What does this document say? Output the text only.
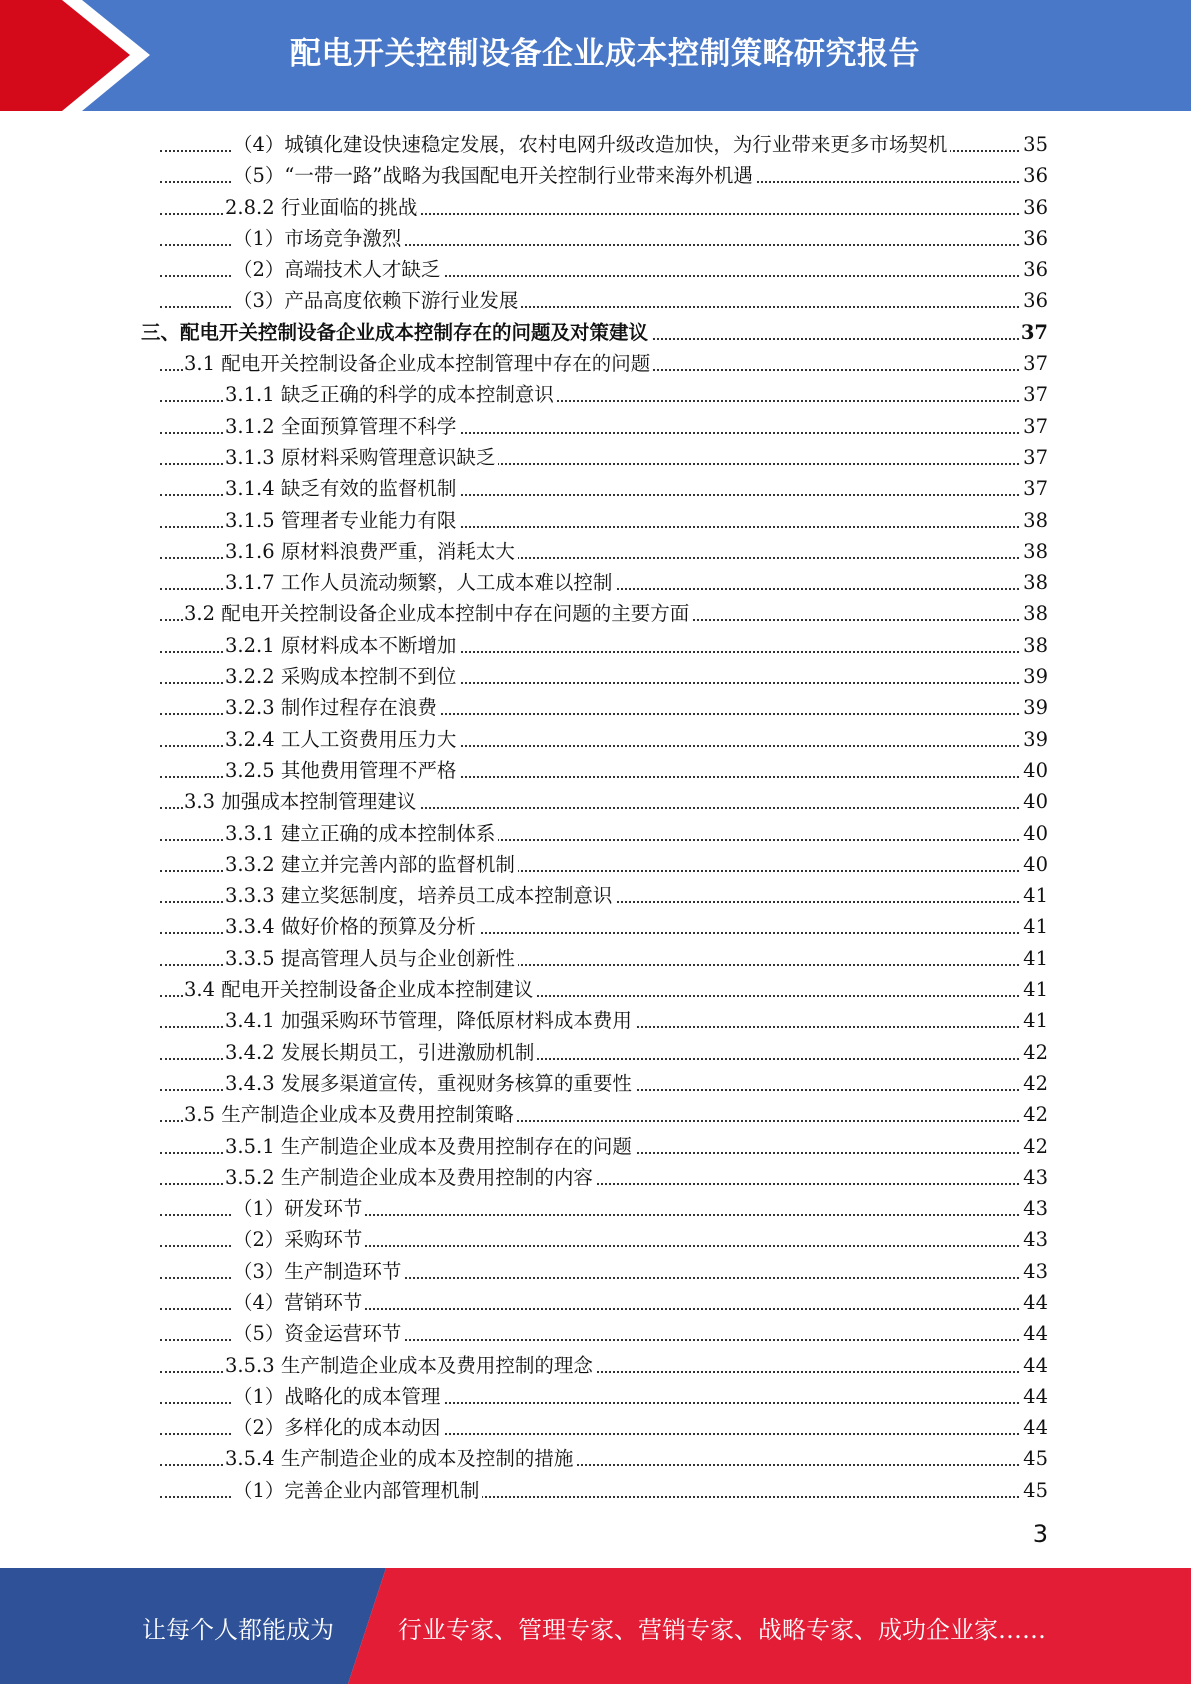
配电开关控制设备企业成本控制策略研究报告
（4）城镇化建设快速稳定发展，农村电网升级改造加快，为行业带来更多市场契机	35
（5）“一带一路”战略为我国配电开关控制行业带来海外机遇	36
2.8.2 行业面临的挑战	36
（1）市场竞争激烈	36
（2）高端技术人才缺乏	36
（3）产品高度依赖下游行业发展	36
三、配电开关控制设备企业成本控制存在的问题及对策建议	37
3.1 配电开关控制设备企业成本控制管理中存在的问题	37
3.1.1 缺乏正确的科学的成本控制意识	37
3.1.2 全面预算管理不科学	37
3.1.3 原材料采购管理意识缺乏	37
3.1.4 缺乏有效的监督机制	37
3.1.5 管理者专业能力有限	38
3.1.6 原材料浪费严重，消耗太大	38
3.1.7 工作人员流动频繁，人工成本难以控制	38
3.2 配电开关控制设备企业成本控制中存在问题的主要方面	38
3.2.1 原材料成本不断增加	38
3.2.2 采购成本控制不到位	39
3.2.3 制作过程存在浪费	39
3.2.4 工人工资费用压力大	39
3.2.5 其他费用管理不严格	40
3.3 加强成本控制管理建议	40
3.3.1 建立正确的成本控制体系	40
3.3.2 建立并完善内部的监督机制	40
3.3.3 建立奖惩制度，培养员工成本控制意识	41
3.3.4 做好价格的预算及分析	41
3.3.5 提高管理人员与企业创新性	41
3.4 配电开关控制设备企业成本控制建议	41
3.4.1 加强采购环节管理，降低原材料成本费用	41
3.4.2 发展长期员工，引进激励机制	42
3.4.3 发展多渠道宣传，重视财务核算的重要性	42
3.5 生产制造企业成本及费用控制策略	42
3.5.1 生产制造企业成本及费用控制存在的问题	42
3.5.2 生产制造企业成本及费用控制的内容	43
（1）研发环节	43
（2）采购环节	43
（3）生产制造环节	43
（4）营销环节	44
（5）资金运营环节	44
3.5.3 生产制造企业成本及费用控制的理念	44
（1）战略化的成本管理	44
（2）多样化的成本动因	44
3.5.4 生产制造企业的成本及控制的措施	45
（1）完善企业内部管理机制	45
3
让每个人都能成为	行业专家、管理专家、营销专家、战略专家、成功企业家……
